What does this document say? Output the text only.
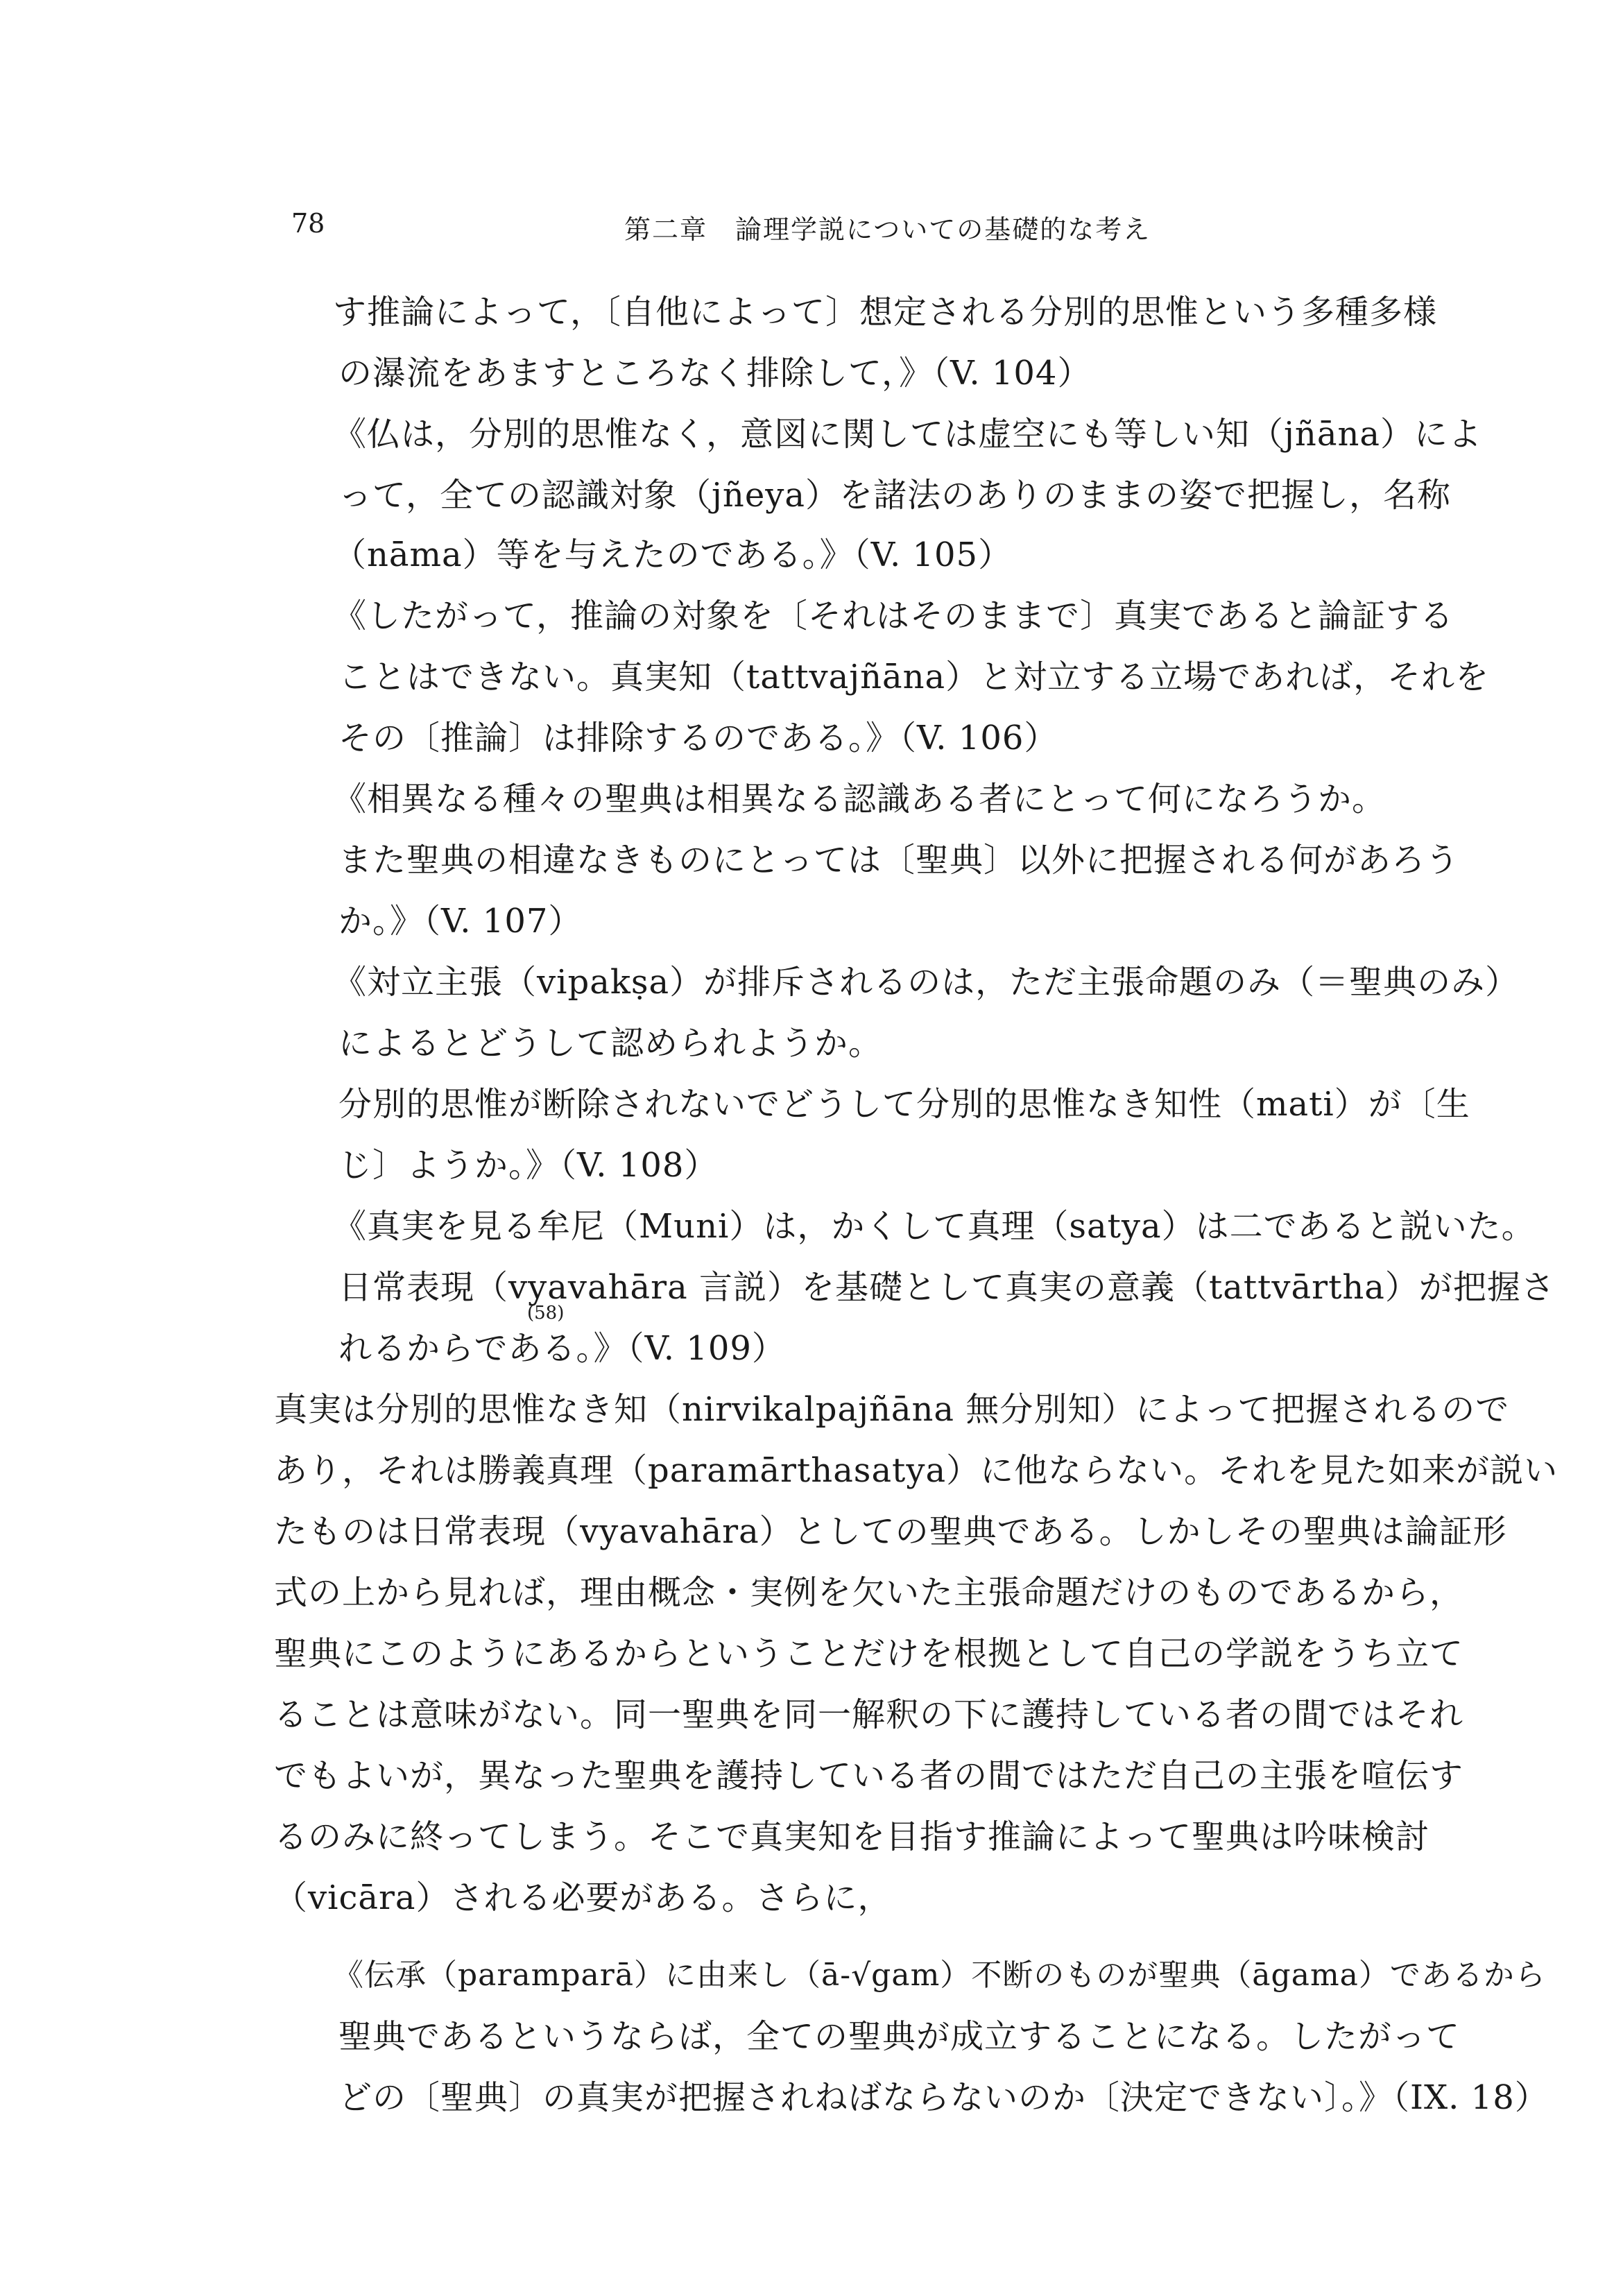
78	第二章　論理学説についての基礎的な考え
す推論によって，〔自他によって〕想定される分別的思惟という多種多様
の瀑流をあますところなく排除して，》（V. 104）
《仏は，分別的思惟なく，意図に関しては虚空にも等しい知（jñāna）によ
って，全ての認識対象（jñeya）を諸法のありのままの姿で把握し，名称
（nāma）等を与えたのである。》（V. 105）
《したがって，推論の対象を〔それはそのままで〕真実であると論証する
ことはできない。真実知（tattvajñāna）と対立する立場であれば，それを
その〔推論〕は排除するのである。》（V. 106）
《相異なる種々の聖典は相異なる認識ある者にとって何になろうか。
また聖典の相違なきものにとっては〔聖典〕以外に把握される何があろう
か。》（V. 107）
《対立主張（vipakṣa）が排斥されるのは，ただ主張命題のみ（＝聖典のみ）
によるとどうして認められようか。
分別的思惟が断除されないでどうして分別的思惟なき知性（mati）が〔生
じ〕ようか。》（V. 108）
《真実を見る牟尼（Muni）は，かくして真理（satya）は二であると説いた。
日常表現（vyavahāra 言説）を基礎として真実の意義（tattvārtha）が把握さ
(58)
れるからである。》（V. 109）
真実は分別的思惟なき知（nirvikalpajñāna 無分別知）によって把握されるので
あり，それは勝義真理（paramārthasatya）に他ならない。それを見た如来が説い
たものは日常表現（vyavahāra）としての聖典である。しかしその聖典は論証形
式の上から見れば，理由概念・実例を欠いた主張命題だけのものであるから，
聖典にこのようにあるからということだけを根拠として自己の学説をうち立て
ることは意味がない。同一聖典を同一解釈の下に護持している者の間ではそれ
でもよいが，異なった聖典を護持している者の間ではただ自己の主張を喧伝す
るのみに終ってしまう。そこで真実知を目指す推論によって聖典は吟味検討
（vicāra）される必要がある。さらに，
《伝承（paramparā）に由来し（ā-√gam）不断のものが聖典（āgama）であるから
聖典であるというならば，全ての聖典が成立することになる。したがって
どの〔聖典〕の真実が把握されねばならないのか〔決定できない〕。》（IX. 18）
